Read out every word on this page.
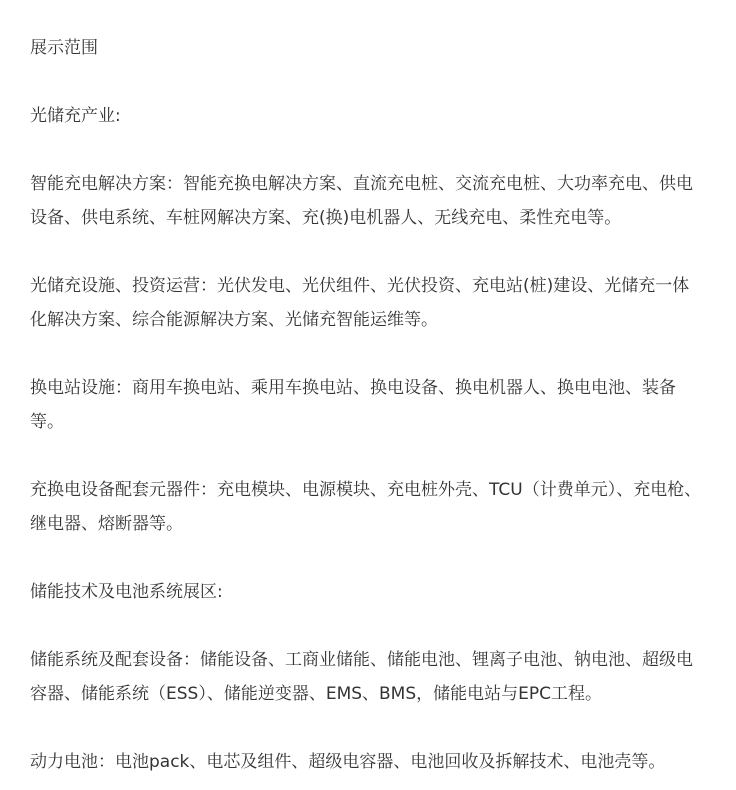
展示范围

光储充产业:

智能充电解决方案：智能充换电解决方案、直流充电桩、交流充电桩、大功率充电、供电设备、供电系统、车桩网解决方案、充(换)电机器人、无线充电、柔性充电等。

光储充设施、投资运营：光伏发电、光伏组件、光伏投资、充电站(桩)建设、光储充一体化解决方案、综合能源解决方案、光储充智能运维等。

换电站设施：商用车换电站、乘用车换电站、换电设备、换电机器人、换电电池、装备等。

充换电设备配套元器件：充电模块、电源模块、充电桩外壳、TCU（计费单元）、充电枪、继电器、熔断器等。

储能技术及电池系统展区:

储能系统及配套设备：储能设备、工商业储能、储能电池、锂离子电池、钠电池、超级电容器、储能系统（ESS）、储能逆变器、EMS、BMS，储能电站与EPC工程。

动力电池：电池pack、电芯及组件、超级电容器、电池回收及拆解技术、电池壳等。
